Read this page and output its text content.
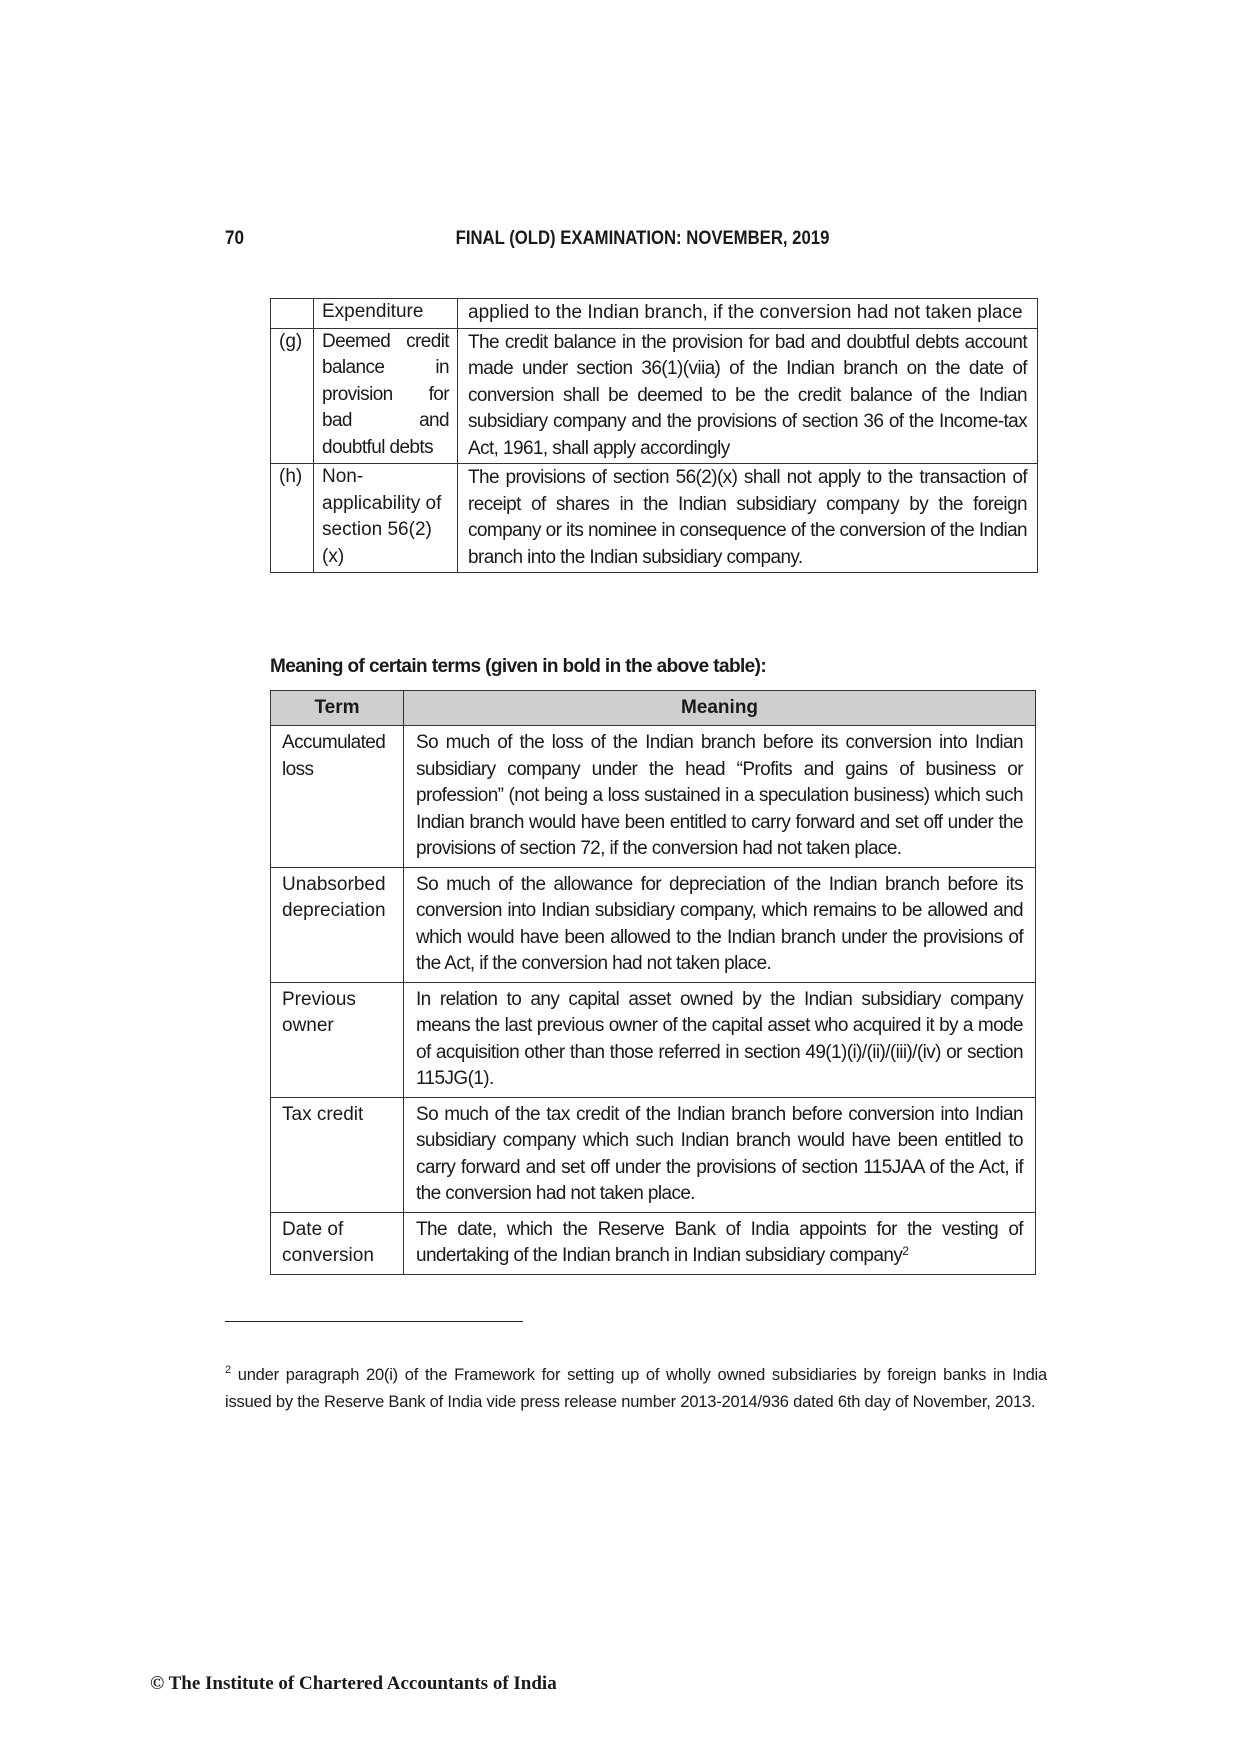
70	FINAL (OLD) EXAMINATION: NOVEMBER, 2019
	Expenditure	applied to the Indian branch, if the conversion had not taken place
(g)	Deemed credit balance in provision for bad and doubtful debts	The credit balance in the provision for bad and doubtful debts account made under section 36(1)(viia) of the Indian branch on the date of conversion shall be deemed to be the credit balance of the Indian subsidiary company and the provisions of section 36 of the Income-tax Act, 1961, shall apply accordingly
(h)	Non-applicability of section 56(2)(x)	The provisions of section 56(2)(x) shall not apply to the transaction of receipt of shares in the Indian subsidiary company by the foreign company or its nominee in consequence of the conversion of the Indian branch into the Indian subsidiary company.
Meaning of certain terms (given in bold in the above table):
Term	Meaning
Accumulated loss	So much of the loss of the Indian branch before its conversion into Indian subsidiary company under the head “Profits and gains of business or profession” (not being a loss sustained in a speculation business) which such Indian branch would have been entitled to carry forward and set off under the provisions of section 72, if the conversion had not taken place.
Unabsorbed depreciation	So much of the allowance for depreciation of the Indian branch before its conversion into Indian subsidiary company, which remains to be allowed and which would have been allowed to the Indian branch under the provisions of the Act, if the conversion had not taken place.
Previous owner	In relation to any capital asset owned by the Indian subsidiary company means the last previous owner of the capital asset who acquired it by a mode of acquisition other than those referred in section 49(1)(i)/(ii)/(iii)/(iv) or section 115JG(1).
Tax credit	So much of the tax credit of the Indian branch before conversion into Indian subsidiary company which such Indian branch would have been entitled to carry forward and set off under the provisions of section 115JAA of the Act, if the conversion had not taken place.
Date of conversion	The date, which the Reserve Bank of India appoints for the vesting of undertaking of the Indian branch in Indian subsidiary company$^2$
$^2$ under paragraph 20(i) of the Framework for setting up of wholly owned subsidiaries by foreign banks in India issued by the Reserve Bank of India vide press release number 2013-2014/936 dated 6th day of November, 2013.
© The Institute of Chartered Accountants of India
